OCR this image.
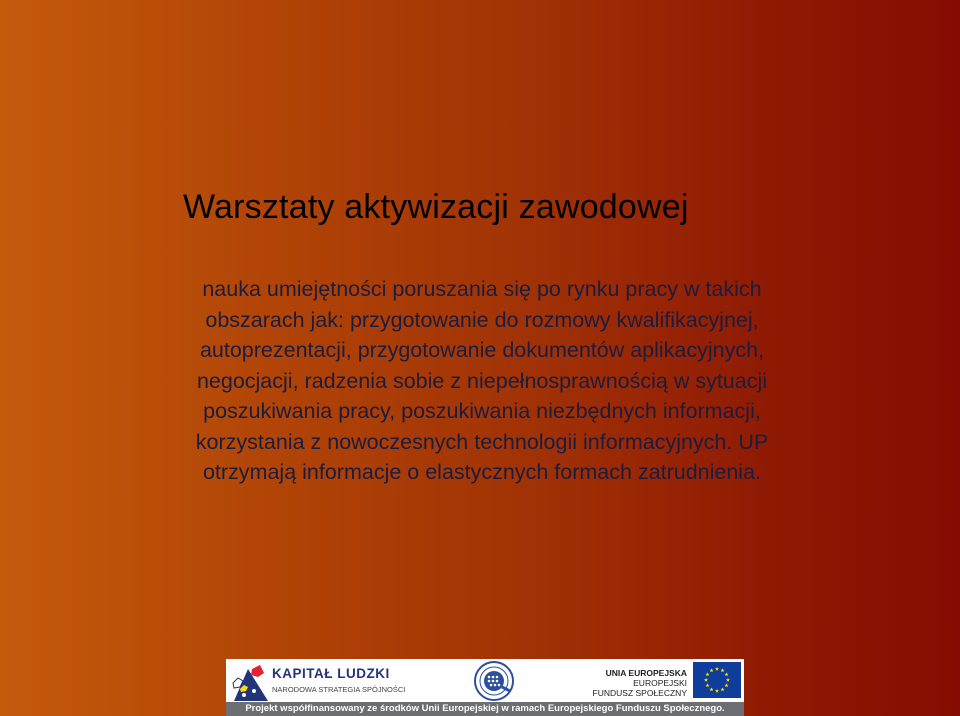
Warsztaty aktywizacji zawodowej

nauka umiejętności poruszania się po rynku pracy w takich
obszarach jak: przygotowanie do rozmowy kwalifikacyjnej,
autoprezentacji, przygotowanie dokumentów aplikacyjnych,
negocjacji, radzenia sobie z niepełnosprawnością w sytuacji
poszukiwania pracy, poszukiwania niezbędnych informacji,
korzystania z nowoczesnych technologii informacyjnych. UP
otrzymają informacje o elastycznych formach zatrudnienia.

KAPITAŁ LUDZKI
NARODOWA STRATEGIA SPÓJNOŚCI
UNIA EUROPEJSKA
EUROPEJSKI
FUNDUSZ SPOŁECZNY
Projekt współfinansowany ze środków Unii Europejskiej w ramach Europejskiego Funduszu Społecznego.
